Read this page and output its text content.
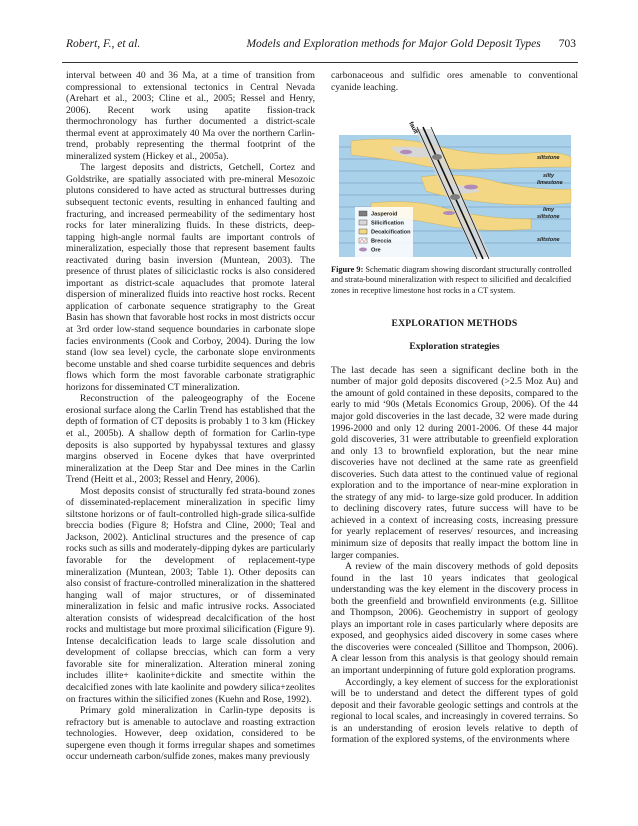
Robert, F., et al.	Models and Exploration methods for Major Gold Deposit Types 703

interval between 40 and 36 Ma, at a time of transition from compressional to extensional tectonics in Central Nevada (Arehart et al., 2003; Cline et al., 2005; Ressel and Henry, 2006). Recent work using apatite fission-track thermochronology has further documented a district-scale thermal event at approximately 40 Ma over the northern Carlin-trend, probably representing the thermal footprint of the mineralized system (Hickey et al., 2005a).

The largest deposits and districts, Getchell, Cortez and Goldstrike, are spatially associated with pre-mineral Mesozoic plutons considered to have acted as structural buttresses during subsequent tectonic events, resulting in enhanced faulting and fracturing, and increased permeability of the sedimentary host rocks for later mineralizing fluids. In these districts, deep-tapping high-angle normal faults are important controls of mineralization, especially those that represent basement faults reactivated during basin inversion (Muntean, 2003). The presence of thrust plates of siliciclastic rocks is also considered important as district-scale aquacludes that promote lateral dispersion of mineralized fluids into reactive host rocks. Recent application of carbonate sequence stratigraphy to the Great Basin has shown that favorable host rocks in most districts occur at 3rd order low-stand sequence boundaries in carbonate slope facies environments (Cook and Corboy, 2004). During the low stand (low sea level) cycle, the carbonate slope environments become unstable and shed coarse turbidite sequences and debris flows which form the most favorable carbonate stratigraphic horizons for disseminated CT mineralization.

Reconstruction of the paleogeography of the Eocene erosional surface along the Carlin Trend has established that the depth of formation of CT deposits is probably 1 to 3 km (Hickey et al., 2005b). A shallow depth of formation for Carlin-type deposits is also supported by hypabyssal textures and glassy margins observed in Eocene dykes that have overprinted mineralization at the Deep Star and Dee mines in the Carlin Trend (Heitt et al., 2003; Ressel and Henry, 2006).

Most deposits consist of structurally fed strata-bound zones of disseminated-replacement mineralization in specific limy siltstone horizons or of fault-controlled high-grade silica-sulfide breccia bodies (Figure 8; Hofstra and Cline, 2000; Teal and Jackson, 2002). Anticlinal structures and the presence of cap rocks such as sills and moderately-dipping dykes are particularly favorable for the development of replacement-type mineralization (Muntean, 2003; Table 1). Other deposits can also consist of fracture-controlled mineralization in the shattered hanging wall of major structures, or of disseminated mineralization in felsic and mafic intrusive rocks. Associated alteration consists of widespread decalcification of the host rocks and multistage but more proximal silicification (Figure 9). Intense decalcification leads to large scale dissolution and development of collapse breccias, which can form a very favorable site for mineralization. Alteration mineral zoning includes illite+ kaolinite+dickite and smectite within the decalcified zones with late kaolinite and powdery silica+zeolites on fractures within the silicified zones (Kuehn and Rose, 1992).

Primary gold mineralization in Carlin-type deposits is refractory but is amenable to autoclave and roasting extraction technologies. However, deep oxidation, considered to be supergene even though it forms irregular shapes and sometimes occur underneath carbon/sulfide zones, makes many previously

carbonaceous and sulfidic ores amenable to conventional cyanide leaching.

fault
siltstone
silty
limestone
limy
siltstone
siltstone
Jasperoid
Silicification
Decalcification
Breccia
Ore

Figure 9: Schematic diagram showing discordant structurally controlled and strata-bound mineralization with respect to silicified and decalcified zones in receptive limestone host rocks in a CT system.

EXPLORATION METHODS
Exploration strategies

The last decade has seen a significant decline both in the number of major gold deposits discovered (>2.5 Moz Au) and the amount of gold contained in these deposits, compared to the early to mid ‘90s (Metals Economics Group, 2006). Of the 44 major gold discoveries in the last decade, 32 were made during 1996-2000 and only 12 during 2001-2006. Of these 44 major gold discoveries, 31 were attributable to greenfield exploration and only 13 to brownfield exploration, but the near mine discoveries have not declined at the same rate as greenfield discoveries. Such data attest to the continued value of regional exploration and to the importance of near-mine exploration in the strategy of any mid- to large-size gold producer. In addition to declining discovery rates, future success will have to be achieved in a context of increasing costs, increasing pressure for yearly replacement of reserves/ resources, and increasing minimum size of deposits that really impact the bottom line in larger companies.

A review of the main discovery methods of gold deposits found in the last 10 years indicates that geological understanding was the key element in the discovery process in both the greenfield and brownfield environments (e.g. Sillitoe and Thompson, 2006). Geochemistry in support of geology plays an important role in cases particularly where deposits are exposed, and geophysics aided discovery in some cases where the discoveries were concealed (Sillitoe and Thompson, 2006). A clear lesson from this analysis is that geology should remain an important underpinning of future gold exploration programs.

Accordingly, a key element of success for the explorationist will be to understand and detect the different types of gold deposit and their favorable geologic settings and controls at the regional to local scales, and increasingly in covered terrains. So is an understanding of erosion levels relative to depth of formation of the explored systems, of the environments where
